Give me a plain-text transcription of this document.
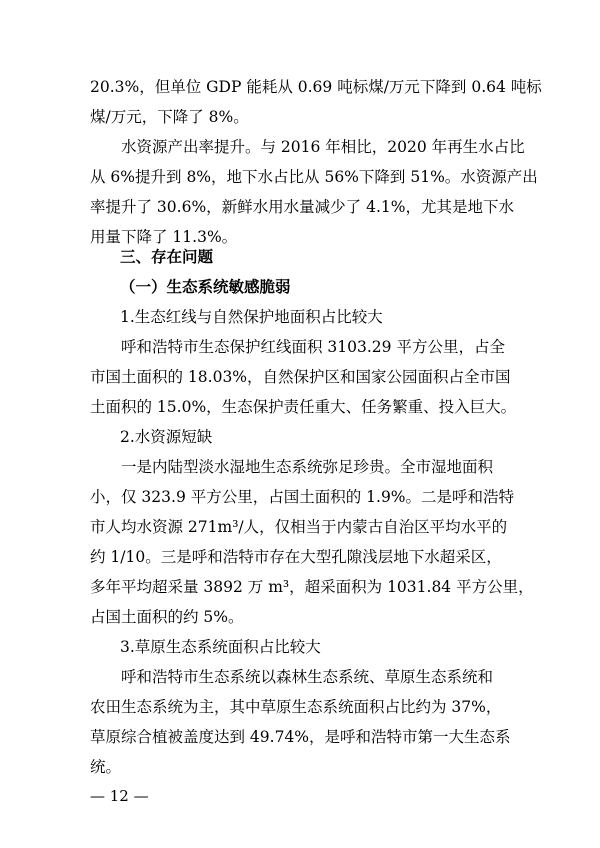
20.3%，但单位 GDP 能耗从 0.69 吨标煤/万元下降到 0.64 吨标
煤/万元，下降了 8%。
水资源产出率提升。与 2016 年相比，2020 年再生水占比
从 6%提升到 8%，地下水占比从 56%下降到 51%。水资源产出
率提升了 30.6%，新鲜水用水量减少了 4.1%，尤其是地下水
用量下降了 11.3%。
三、存在问题
（一）生态系统敏感脆弱
1.生态红线与自然保护地面积占比较大
呼和浩特市生态保护红线面积 3103.29 平方公里，占全
市国土面积的 18.03%，自然保护区和国家公园面积占全市国
土面积的 15.0%，生态保护责任重大、任务繁重、投入巨大。
2.水资源短缺
一是内陆型淡水湿地生态系统弥足珍贵。全市湿地面积
小，仅 323.9 平方公里，占国土面积的 1.9%。二是呼和浩特
市人均水资源 271m³/人，仅相当于内蒙古自治区平均水平的
约 1/10。三是呼和浩特市存在大型孔隙浅层地下水超采区，
多年平均超采量 3892 万 m³，超采面积为 1031.84 平方公里，
占国土面积的约 5%。
3.草原生态系统面积占比较大
呼和浩特市生态系统以森林生态系统、草原生态系统和
农田生态系统为主，其中草原生态系统面积占比约为 37%，
草原综合植被盖度达到 49.74%，是呼和浩特市第一大生态系
统。
— 12 —
